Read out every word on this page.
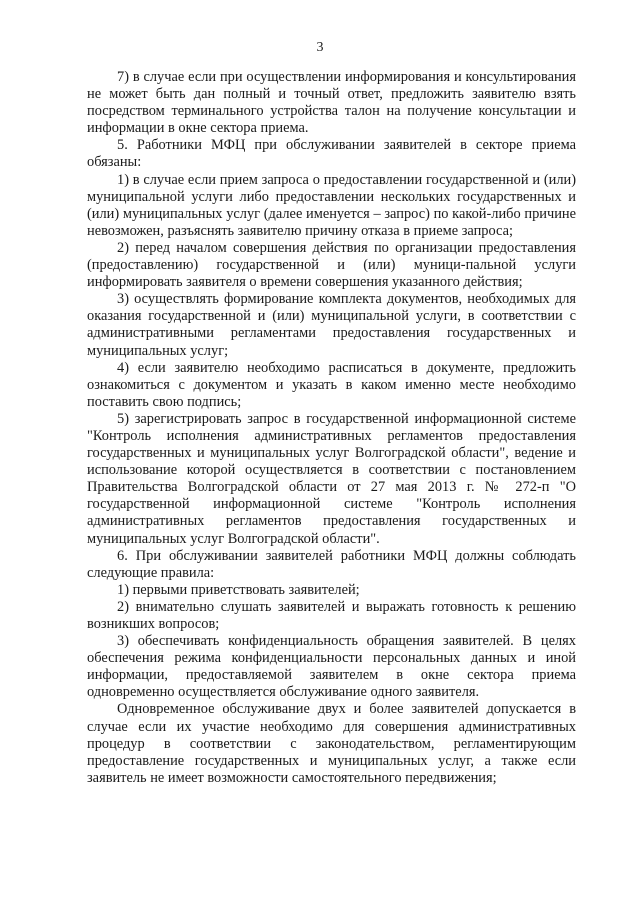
3

7) в случае если при осуществлении информирования и консультирования не может быть дан полный и точный ответ, предложить заявителю взять посредством терминального устройства талон на получение консультации и информации в окне сектора приема.

5. Работники МФЦ при обслуживании заявителей в секторе приема обязаны:

1) в случае если прием запроса о предоставлении государственной и (или) муниципальной услуги либо предоставлении нескольких государственных и (или) муниципальных услуг (далее именуется – запрос) по какой-либо причине невозможен, разъяснять заявителю причину отказа в приеме запроса;

2) перед началом совершения действия по организации предоставления (предоставлению) государственной и (или) муници-пальной услуги информировать заявителя о времени совершения указанного действия;

3) осуществлять формирование комплекта документов, необходимых для оказания государственной и (или) муниципальной услуги, в соответствии с административными регламентами предоставления государственных и муниципальных услуг;

4) если заявителю необходимо расписаться в документе, предложить ознакомиться с документом и указать в каком именно месте необходимо поставить свою подпись;

5) зарегистрировать запрос в государственной информационной системе "Контроль исполнения административных регламентов предоставления государственных и муниципальных услуг Волгоградской области", ведение и использование которой осуществляется в соответствии с постановлением Правительства Волгоградской области от 27 мая 2013 г. № 272-п "О государственной информационной системе "Контроль исполнения административных регламентов предоставления государственных и муниципальных услуг Волгоградской области".

6. При обслуживании заявителей работники МФЦ должны соблюдать следующие правила:

1) первыми приветствовать заявителей;

2) внимательно слушать заявителей и выражать готовность к решению возникших вопросов;

3) обеспечивать конфиденциальность обращения заявителей. В целях обеспечения режима конфиденциальности персональных данных и иной информации, предоставляемой заявителем в окне сектора приема одновременно осуществляется обслуживание одного заявителя.

Одновременное обслуживание двух и более заявителей допускается в случае если их участие необходимо для совершения административных процедур в соответствии с законодательством, регламентирующим предоставление государственных и муниципальных услуг, а также если заявитель не имеет возможности самостоятельного передвижения;
